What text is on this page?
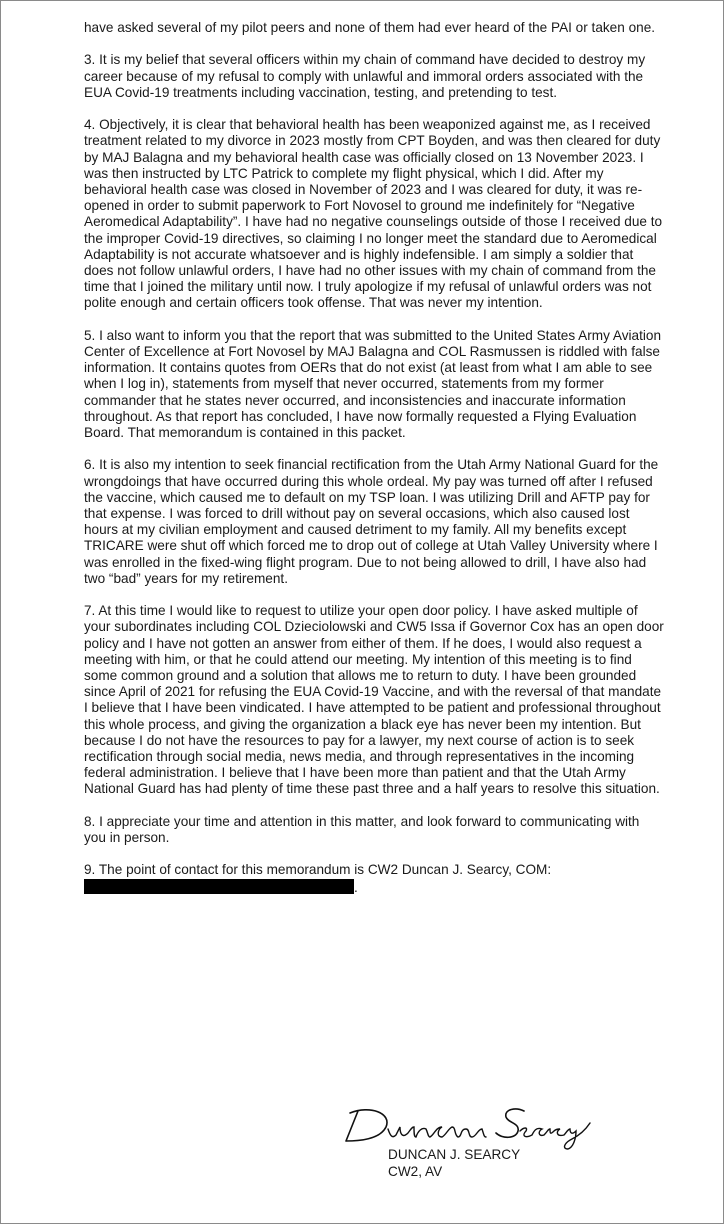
have asked several of my pilot peers and none of them had ever heard of the PAI or taken one.

3. It is my belief that several officers within my chain of command have decided to destroy my career because of my refusal to comply with unlawful and immoral orders associated with the EUA Covid-19 treatments including vaccination, testing, and pretending to test.

4. Objectively, it is clear that behavioral health has been weaponized against me, as I received treatment related to my divorce in 2023 mostly from CPT Boyden, and was then cleared for duty by MAJ Balagna and my behavioral health case was officially closed on 13 November 2023. I was then instructed by LTC Patrick to complete my flight physical, which I did. After my behavioral health case was closed in November of 2023 and I was cleared for duty, it was re-opened in order to submit paperwork to Fort Novosel to ground me indefinitely for “Negative Aeromedical Adaptability”. I have had no negative counselings outside of those I received due to the improper Covid-19 directives, so claiming I no longer meet the standard due to Aeromedical Adaptability is not accurate whatsoever and is highly indefensible. I am simply a soldier that does not follow unlawful orders, I have had no other issues with my chain of command from the time that I joined the military until now. I truly apologize if my refusal of unlawful orders was not polite enough and certain officers took offense. That was never my intention.

5. I also want to inform you that the report that was submitted to the United States Army Aviation Center of Excellence at Fort Novosel by MAJ Balagna and COL Rasmussen is riddled with false information. It contains quotes from OERs that do not exist (at least from what I am able to see when I log in), statements from myself that never occurred, statements from my former commander that he states never occurred, and inconsistencies and inaccurate information throughout. As that report has concluded, I have now formally requested a Flying Evaluation Board. That memorandum is contained in this packet.

6. It is also my intention to seek financial rectification from the Utah Army National Guard for the wrongdoings that have occurred during this whole ordeal. My pay was turned off after I refused the vaccine, which caused me to default on my TSP loan. I was utilizing Drill and AFTP pay for that expense. I was forced to drill without pay on several occasions, which also caused lost hours at my civilian employment and caused detriment to my family. All my benefits except TRICARE were shut off which forced me to drop out of college at Utah Valley University where I was enrolled in the fixed-wing flight program. Due to not being allowed to drill, I have also had two “bad” years for my retirement.

7. At this time I would like to request to utilize your open door policy. I have asked multiple of your subordinates including COL Dzieciolowski and CW5 Issa if Governor Cox has an open door policy and I have not gotten an answer from either of them. If he does, I would also request a meeting with him, or that he could attend our meeting. My intention of this meeting is to find some common ground and a solution that allows me to return to duty. I have been grounded since April of 2021 for refusing the EUA Covid-19 Vaccine, and with the reversal of that mandate I believe that I have been vindicated. I have attempted to be patient and professional throughout this whole process, and giving the organization a black eye has never been my intention. But because I do not have the resources to pay for a lawyer, my next course of action is to seek rectification through social media, news media, and through representatives in the incoming federal administration. I believe that I have been more than patient and that the Utah Army National Guard has had plenty of time these past three and a half years to resolve this situation.

8. I appreciate your time and attention in this matter, and look forward to communicating with you in person.

9. The point of contact for this memorandum is CW2 Duncan J. Searcy, COM:
.

DUNCAN J. SEARCY
CW2, AV
